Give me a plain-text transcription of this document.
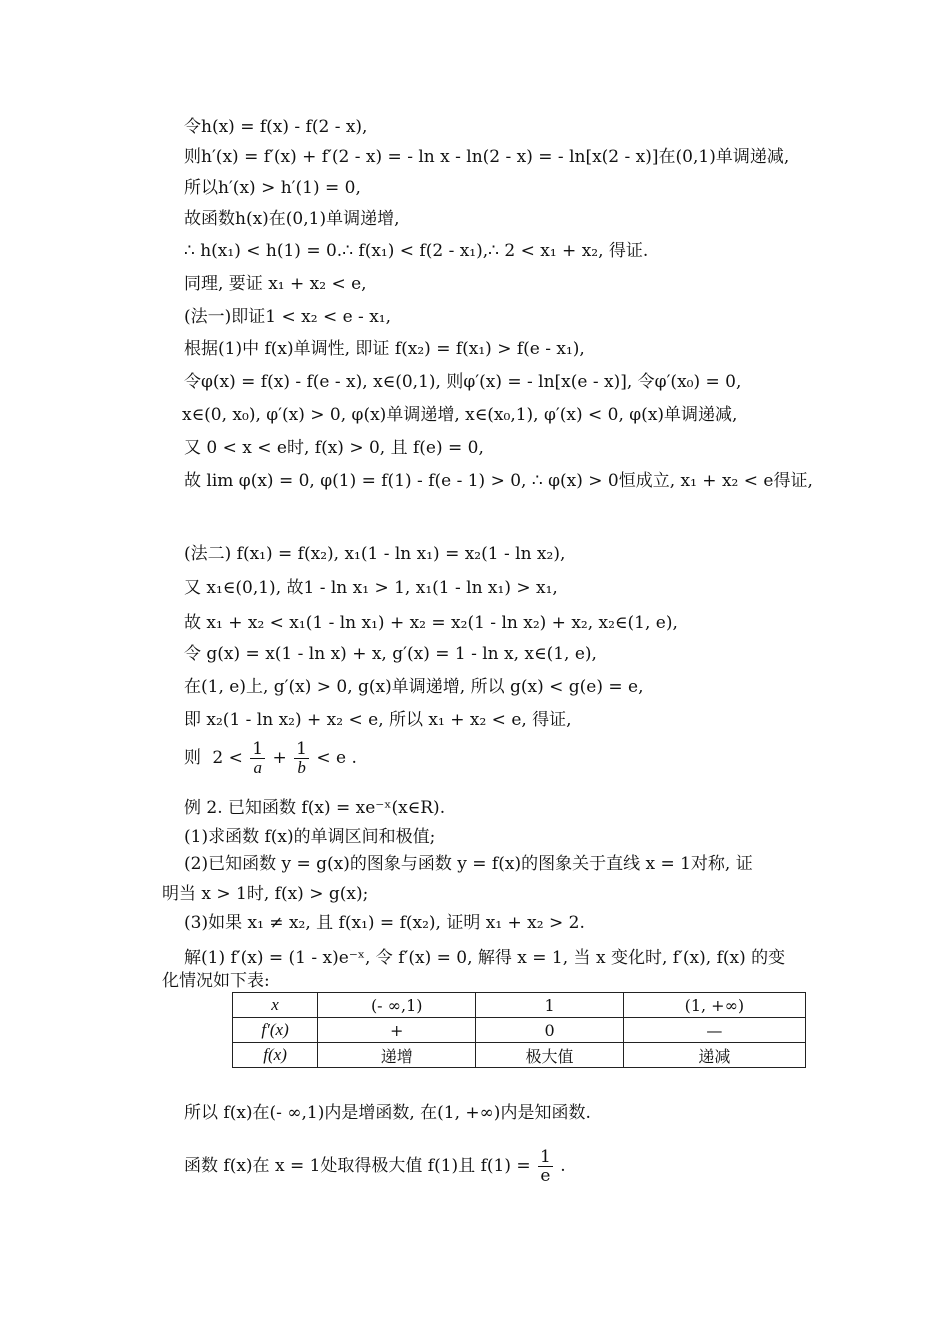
令h(x) = f(x) - f(2 - x),
则h′(x) = f′(x) + f′(2 - x) = - ln x - ln(2 - x) = - ln[x(2 - x)]在(0,1)单调递减,
所以h′(x) > h′(1) = 0,
故函数h(x)在(0,1)单调递增,
∴ h(x₁) < h(1) = 0.∴ f(x₁) < f(2 - x₁),∴ 2 < x₁ + x₂, 得证.
同理, 要证 x₁ + x₂ < e,
(法一)即证1 < x₂ < e - x₁,
根据(1)中 f(x)单调性, 即证 f(x₂) = f(x₁) > f(e - x₁),
令φ(x) = f(x) - f(e - x), x∈(0,1), 则φ′(x) = - ln[x(e - x)], 令φ′(x₀) = 0,
x∈(0, x₀), φ′(x) > 0, φ(x)单调递增, x∈(x₀,1), φ′(x) < 0, φ(x)单调递减,
又 0 < x < e时, f(x) > 0, 且 f(e) = 0,
故 lim φ(x) = 0, φ(1) = f(1) - f(e - 1) > 0, ∴ φ(x) > 0恒成立, x₁ + x₂ < e得证,
(法二) f(x₁) = f(x₂), x₁(1 - ln x₁) = x₂(1 - ln x₂),
又 x₁∈(0,1), 故1 - ln x₁ > 1, x₁(1 - ln x₁) > x₁,
故 x₁ + x₂ < x₁(1 - ln x₁) + x₂ = x₂(1 - ln x₂) + x₂, x₂∈(1, e),
令 g(x) = x(1 - ln x) + x, g′(x) = 1 - ln x, x∈(1, e),
在(1, e)上, g′(x) > 0, g(x)单调递增, 所以 g(x) < g(e) = e,
即 x₂(1 - ln x₂) + x₂ < e, 所以 x₁ + x₂ < e, 得证,
则 $2 < \frac{1}{a} + \frac{1}{b} < e$ .
例 2. 已知函数 f(x) = xe⁻ˣ(x∈R).
(1)求函数 f(x)的单调区间和极值;
(2)已知函数 y = g(x)的图象与函数 y = f(x)的图象关于直线 x = 1对称, 证
明当 x > 1时, f(x) > g(x);
(3)如果 x₁ ≠ x₂, 且 f(x₁) = f(x₂), 证明 x₁ + x₂ > 2.
解(1) f′(x) = (1 - x)e⁻ˣ, 令 f′(x) = 0, 解得 x = 1, 当 x 变化时, f′(x), f(x) 的变
化情况如下表:
x	(- ∞,1)	1	(1, +∞)
f′(x)	+	0	—
f(x)	递增	极大值	递减
所以 f(x)在(- ∞,1)内是增函数, 在(1, +∞)内是知函数.
函数 f(x)在 x = 1处取得极大值 f(1)且 $f(1) = \frac{1}{e}$ .
